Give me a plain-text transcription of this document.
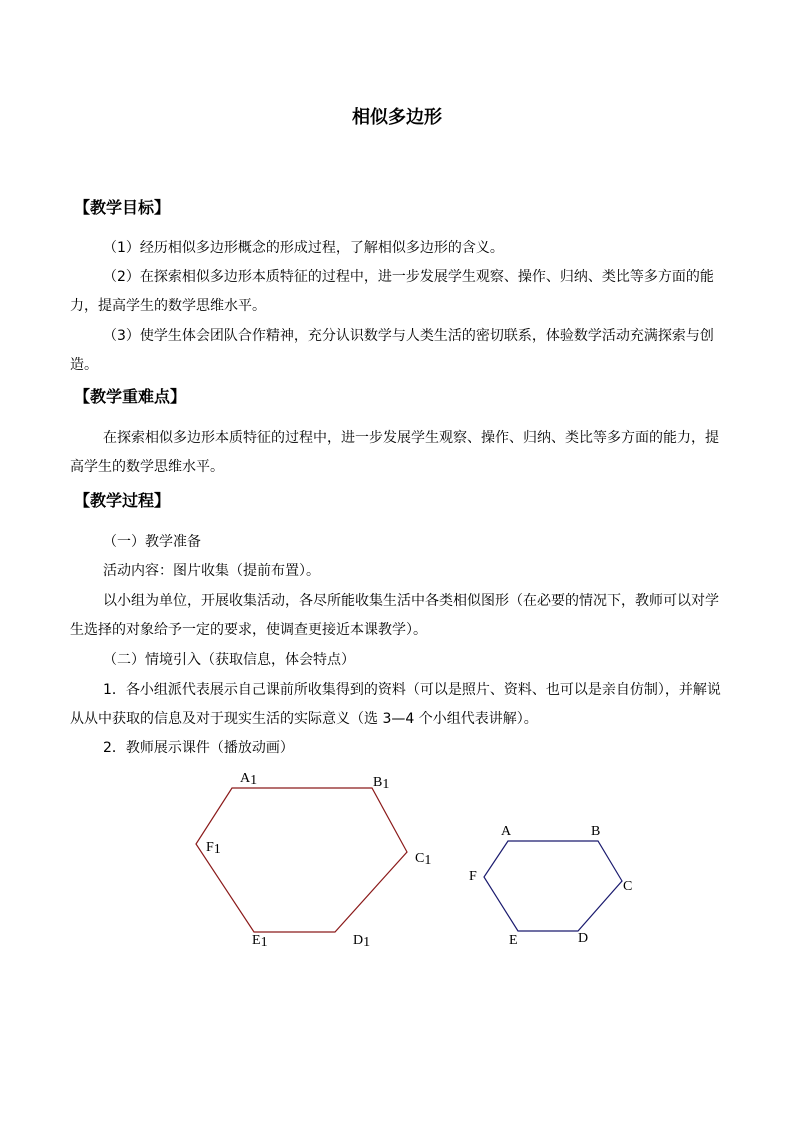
相似多边形
【教学目标】
（1）经历相似多边形概念的形成过程，了解相似多边形的含义。
（2）在探索相似多边形本质特征的过程中，进一步发展学生观察、操作、归纳、类比等多方面的能力，提高学生的数学思维水平。
（3）使学生体会团队合作精神，充分认识数学与人类生活的密切联系，体验数学活动充满探索与创造。
【教学重难点】
在探索相似多边形本质特征的过程中，进一步发展学生观察、操作、归纳、类比等多方面的能力，提高学生的数学思维水平。
【教学过程】
（一）教学准备
活动内容：图片收集（提前布置）。
以小组为单位，开展收集活动，各尽所能收集生活中各类相似图形（在必要的情况下，教师可以对学生选择的对象给予一定的要求，使调查更接近本课教学）。
（二）情境引入（获取信息，体会特点）
1．各小组派代表展示自己课前所收集得到的资料（可以是照片、资料、也可以是亲自仿制），并解说从从中获取的信息及对于现实生活的实际意义（选 3—4 个小组代表讲解）。
2．教师展示课件（播放动画）
A1	B1
C1
D1
E1
F1
A	B
C
D
E
F
